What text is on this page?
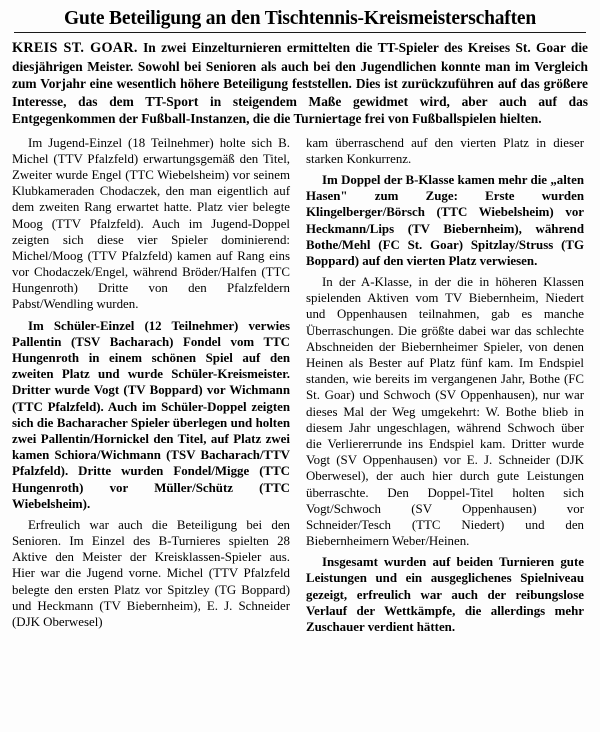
Gute Beteiligung an den Tischtennis-Kreismeisterschaften

KREIS ST. GOAR. In zwei Einzelturnieren ermittelten die TT-Spieler des Kreises St. Goar die diesjährigen Meister. Sowohl bei Senioren als auch bei den Jugendlichen konnte man im Vergleich zum Vorjahr eine wesentlich höhere Beteiligung feststellen. Dies ist zurückzuführen auf das größere Interesse, das dem TT-Sport in steigendem Maße gewidmet wird, aber auch auf das Entgegenkommen der Fußball-Instanzen, die die Turniertage frei von Fußballspielen hielten.

Im Jugend-Einzel (18 Teilnehmer) holte sich B. Michel (TTV Pfalzfeld) erwartungsgemäß den Titel, Zweiter wurde Engel (TTC Wiebelsheim) vor seinem Klubkameraden Chodaczek, den man eigentlich auf dem zweiten Rang erwartet hatte. Platz vier belegte Moog (TTV Pfalzfeld). Auch im Jugend-Doppel zeigten sich diese vier Spieler dominierend: Michel/Moog (TTV Pfalzfeld) kamen auf Rang eins vor Chodaczek/Engel, während Bröder/Halfen (TTC Hungenroth) Dritte von den Pfalzfeldern Pabst/Wendling wurden.

Im Schüler-Einzel (12 Teilnehmer) verwies Pallentin (TSV Bacharach) Fondel vom TTC Hungenroth in einem schönen Spiel auf den zweiten Platz und wurde Schüler-Kreismeister. Dritter wurde Vogt (TV Boppard) vor Wichmann (TTC Pfalzfeld). Auch im Schüler-Doppel zeigten sich die Bacharacher Spieler überlegen und holten zwei Pallentin/Hornickel den Titel, auf Platz zwei kamen Schiora/Wichmann (TSV Bacharach/TTV Pfalzfeld). Dritte wurden Fondel/Migge (TTC Hungenroth) vor Müller/Schütz (TTC Wiebelsheim).

Erfreulich war auch die Beteiligung bei den Senioren. Im Einzel des B-Turnieres spielten 28 Aktive den Meister der Kreisklassen-Spieler aus. Hier war die Jugend vorne. Michel (TTV Pfalzfeld belegte den ersten Platz vor Spitzley (TG Boppard) und Heckmann (TV Biebernheim), E. J. Schneider (DJK Oberwesel)

kam überraschend auf den vierten Platz in dieser starken Konkurrenz.

Im Doppel der B-Klasse kamen mehr die „alten Hasen" zum Zuge: Erste wurden Klingelberger/Börsch (TTC Wiebelsheim) vor Heckmann/Lips (TV Biebernheim), während Bothe/Mehl (FC St. Goar) Spitzlay/Struss (TG Boppard) auf den vierten Platz verwiesen.

In der A-Klasse, in der die in höheren Klassen spielenden Aktiven vom TV Biebernheim, Niedert und Oppenhausen teilnahmen, gab es manche Überraschungen. Die größte dabei war das schlechte Abschneiden der Biebernheimer Spieler, von denen Heinen als Bester auf Platz fünf kam. Im Endspiel standen, wie bereits im vergangenen Jahr, Bothe (FC St. Goar) und Schwoch (SV Oppenhausen), nur war dieses Mal der Weg umgekehrt: W. Bothe blieb in diesem Jahr ungeschlagen, während Schwoch über die Verliererrunde ins Endspiel kam. Dritter wurde Vogt (SV Oppenhausen) vor E. J. Schneider (DJK Oberwesel), der auch hier durch gute Leistungen überraschte. Den Doppel-Titel holten sich Vogt/Schwoch (SV Oppenhausen) vor Schneider/Tesch (TTC Niedert) und den Biebernheimern Weber/Heinen.

Insgesamt wurden auf beiden Turnieren gute Leistungen und ein ausgeglichenes Spielniveau gezeigt, erfreulich war auch der reibungslose Verlauf der Wettkämpfe, die allerdings mehr Zuschauer verdient hätten.
